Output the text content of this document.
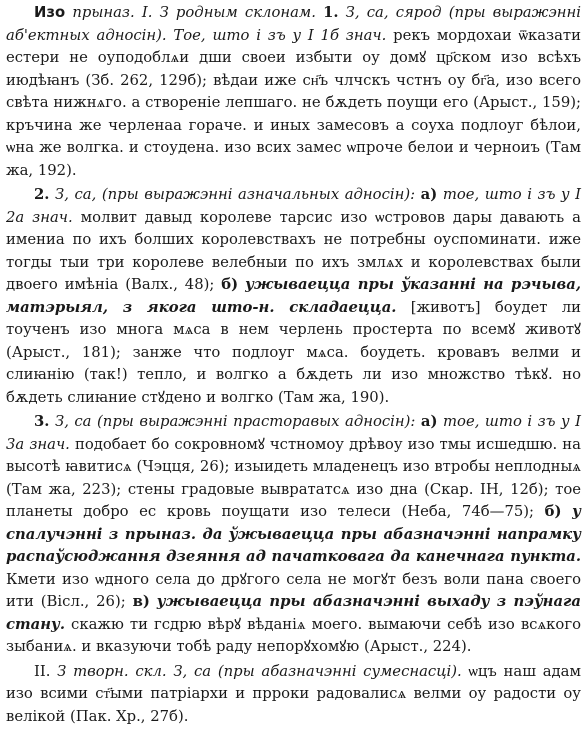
Изо прыназ. I. З родным склонам. 1. З, са, сярод (пры выражэнні аб'ектных адносін). Тое, што і зъ у І 1б знач. рекъ мордохаи ѿказати естери не оуподоблѧи дши своеи избыти оу домꙋ цр҃ском изо всѣхъ июдѣꙗнъ (Зб. 262, 129б); вѣдаи иже сн҃ъ члчскъ чстнъ оу бг҃а, изо всего свѣта нижнѧго. а створеніе лепшаго. не бѫдеть поущи его (Арыст., 159); кръчина же черленаа гораче. и иных замесовъ а соуха подлоуг бѣлои, ѡна же волгка. и стоудена. изо всих замес ѡпроче белои и черноиъ (Там жа, 192).
2. З, са, (пры выражэнні азначальных адносін): а) тое, што і зъ у І 2а знач. молвит давыд королеве тарсис изо ѡстровов дары давають а имениа по ихъ болших королевствахъ не потребны оуспоминати. иже тогды тыи три королеве велебныи по ихъ змлѧх и королевствах были двоего имѣніа (Валх., 48); б) ужываецца пры ўказанні на рэчыва, матэрыял, з якога што-н. складаецца. [животъ] боудет ли тоученъ изо многа мѧса в нем черлень простерта по всемꙋ животꙋ (Арыст., 181); занже что подлоуг мѧса. боудеть. кровавъ велми и слиꙗнію (так!) тепло, и волгко а бѫдеть ли изо множство тѣкꙋ. но бѫдеть слиꙗние стꙋдено и волгко (Там жа, 190).
3. З, са (пры выражэнні прасторавых адносін): а) тое, што і зъ у І 3а знач. подобаеᴛ бо сокровномꙋ чстномоу дрѣвоу изо тмы исшедшю. на высотѣ ꙗвитисѧ (Чэцця, 26); изыидеть младенецъ изо втробы неплодныѧ (Там жа, 223); стены градовые выврататсѧ изо дна (Скар. ІН, 12б); тое планеты добро ес кровь поущати изо телеси (Неба, 74б—75); б) у спалучэнні з прыназ. да ўжываецца пры абазначэнні напрамку распаўсюджання дзеяння ад пачатковага да канечнага пункта. Кмети изо ѡдного села до дрꙋгого села не могꙋт безъ воли пана своего ити (Вісл., 26); в) ужываецца пры абазначэнні выхаду з пэўнага стану. скажю ти гсдрю вѣрꙋ вѣданіѧ моего. вымаючи себѣ изо всѧкого зыбаниѧ. и вказуючи тобѣ раду непорꙋхомꙋю (Арыст., 224).
II. З творн. скл. З, са (пры абазначэнні сумеснасці). ѡцъ наш адам изо всими ст҃ыми патріархи и прроки радовалисѧ велми оу радости оу велікой (Пак. Хр., 27б).
